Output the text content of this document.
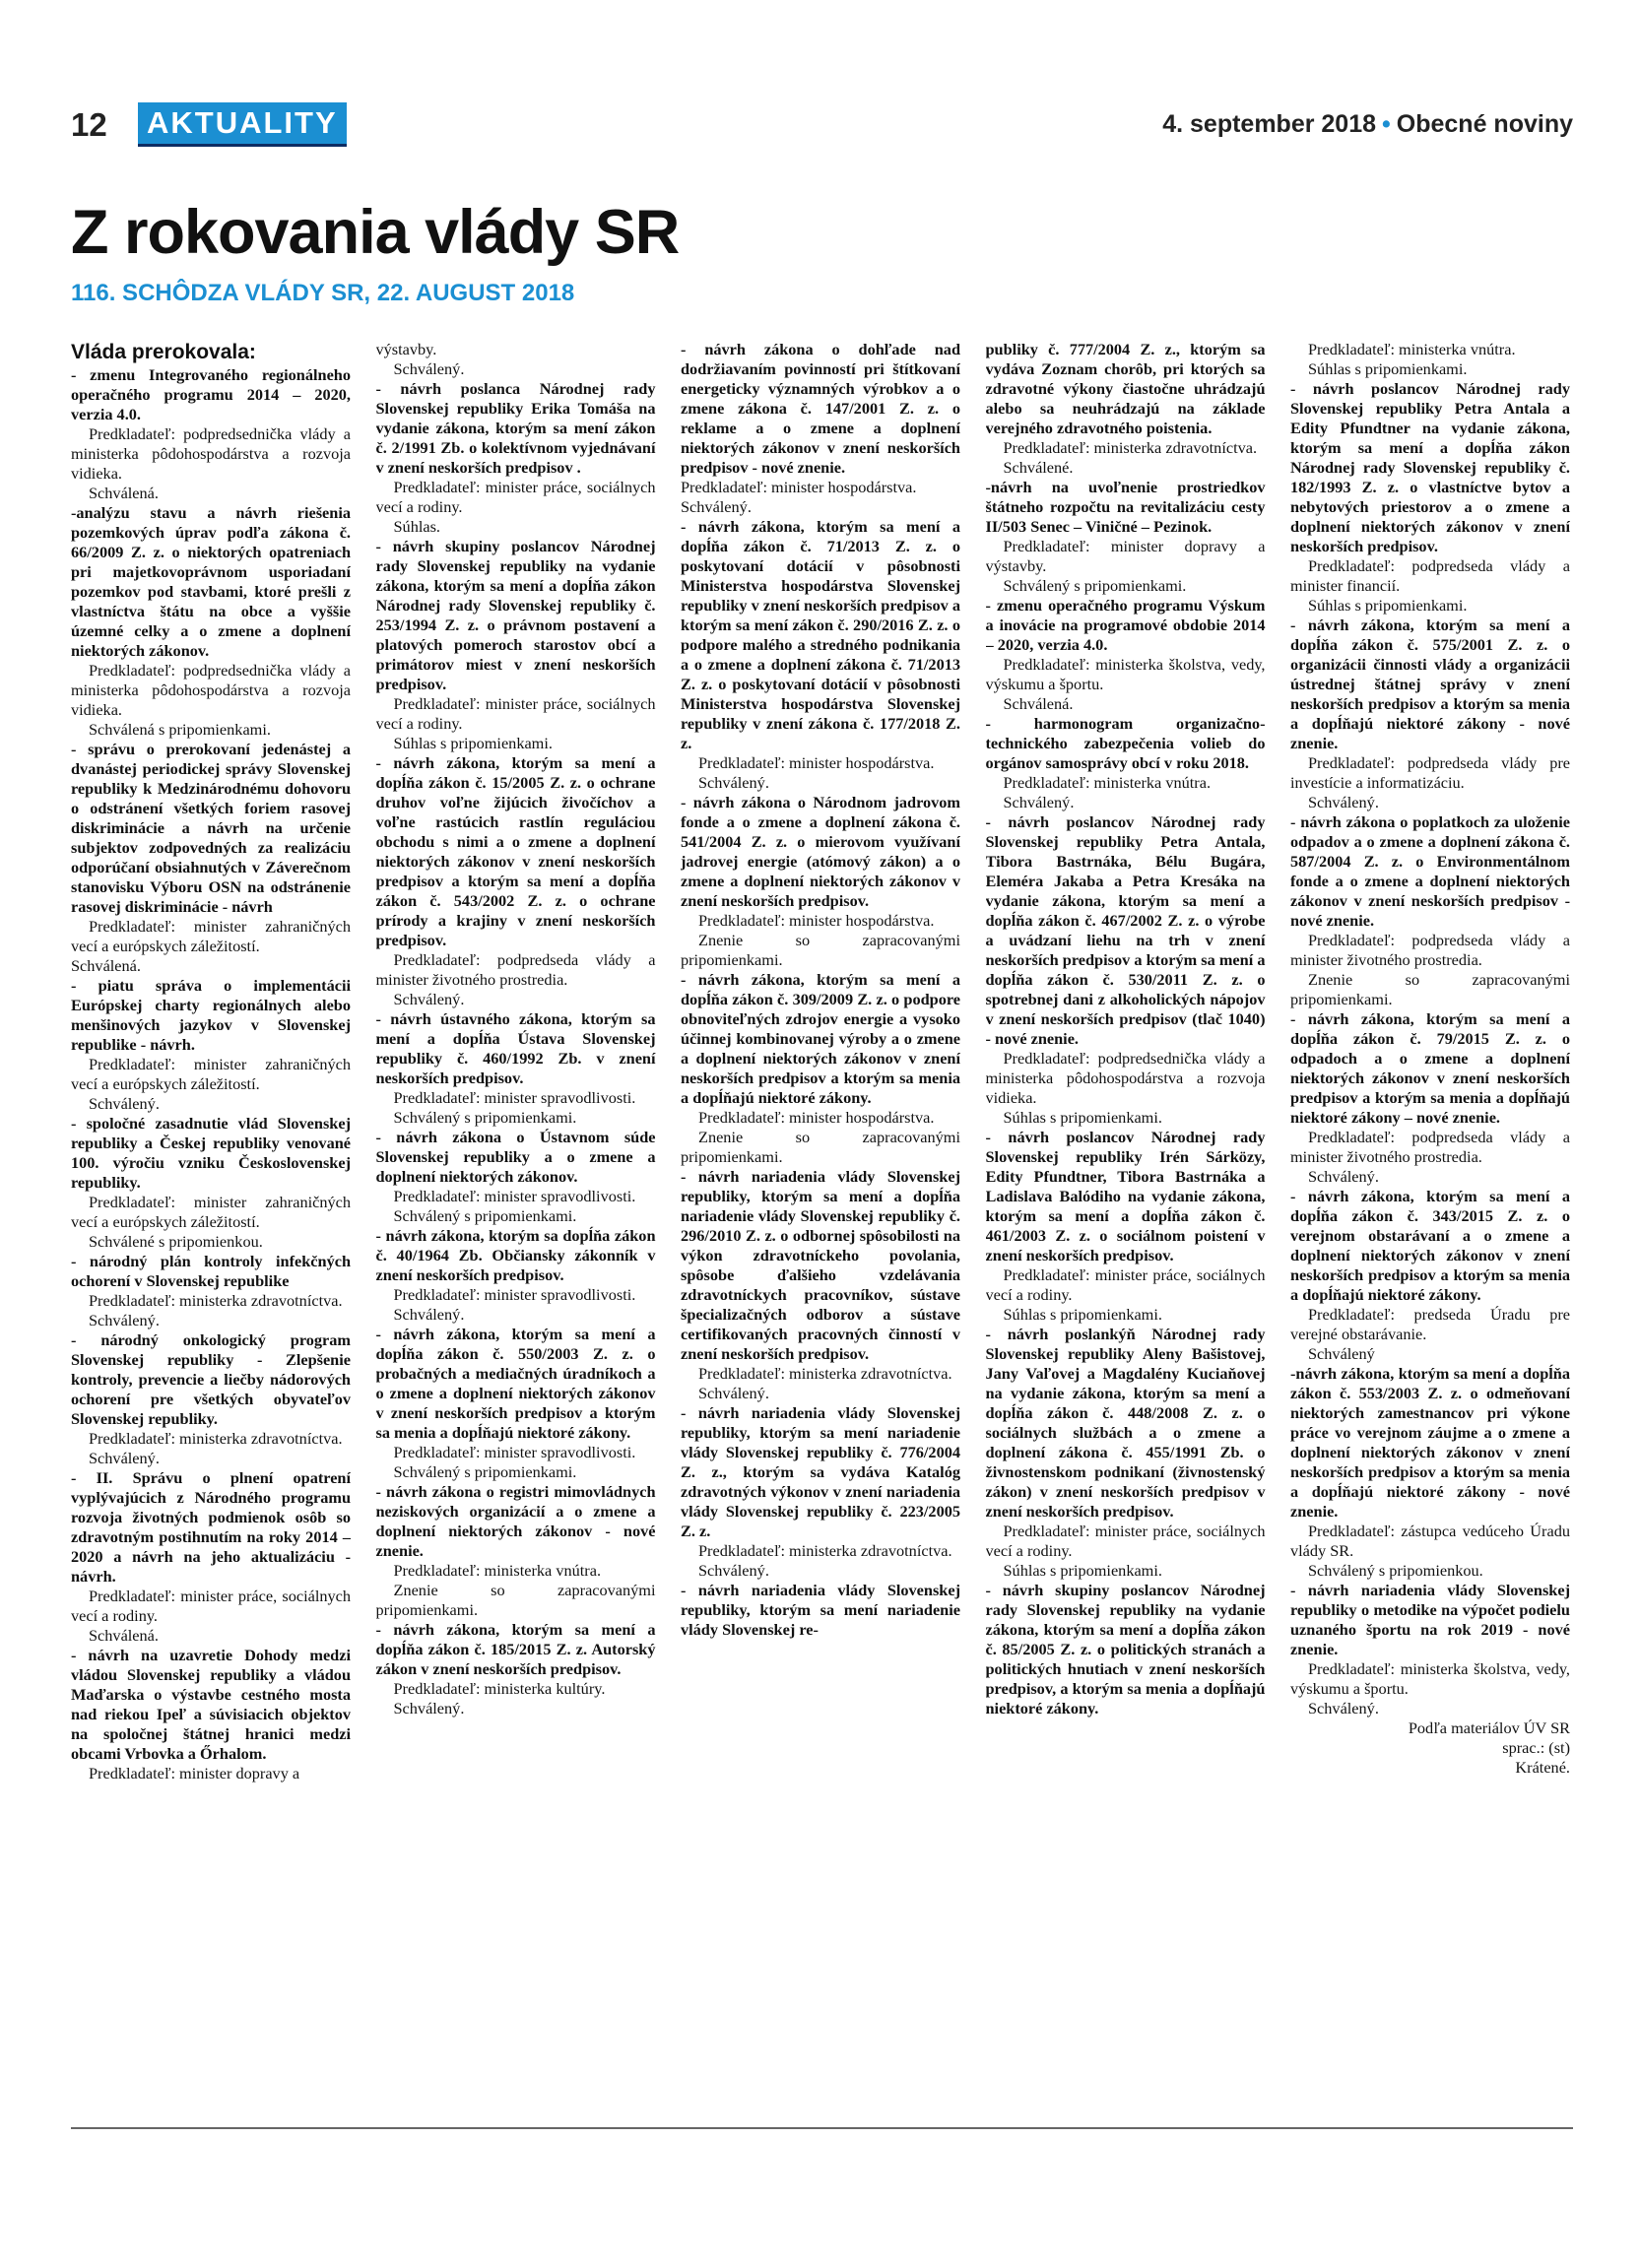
12 AKTUALITY	4. september 2018 • Obecné noviny
Z rokovania vlády SR
116. SCHÔDZA VLÁDY SR, 22. AUGUST 2018

Vláda prerokovala:

- zmenu Integrovaného regionálneho operačného programu 2014 – 2020, verzia 4.0.

Predkladateľ: podpredsednička vlády a ministerka pôdohospodárstva a rozvoja vidieka.

Schválená.

-analýzu stavu a návrh riešenia pozemkových úprav podľa zákona č. 66/2009 Z. z. o niektorých opatreniach pri majetkovoprávnom usporiadaní pozemkov pod stavbami, ktoré prešli z vlastníctva štátu na obce a vyššie územné celky a o zmene a doplnení niektorých zákonov.

Predkladateľ: podpredsednička vlády a ministerka pôdohospodárstva a rozvoja vidieka.

Schválená s pripomienkami.

- správu o prerokovaní jedenástej a dvanástej periodickej správy Slovenskej republiky k Medzinárodnému dohovoru o odstránení všetkých foriem rasovej diskriminácie a návrh na určenie subjektov zodpovedných za realizáciu odporúčaní obsiahnutých v Záverečnom stanovisku Výboru OSN na odstránenie rasovej diskriminácie - návrh

Predkladateľ: minister zahraničných vecí a európskych záležitostí.

Schválená.

- piatu správa o implementácii Európskej charty regionálnych alebo menšinových jazykov v Slovenskej republike - návrh.

Predkladateľ: minister zahraničných vecí a európskych záležitostí.

Schválený.

- spoločné zasadnutie vlád Slovenskej republiky a Českej republiky venované 100. výročiu vzniku Československej republiky.

Predkladateľ: minister zahraničných vecí a európskych záležitostí.

Schválené s pripomienkou.

- národný plán kontroly infekčných ochorení v Slovenskej republike

Predkladateľ: ministerka zdravotníctva.

Schválený.

- národný onkologický program Slovenskej republiky - Zlepšenie kontroly, prevencie a liečby nádorových ochorení pre všetkých obyvateľov Slovenskej republiky.

Predkladateľ: ministerka zdravotníctva.

Schválený.

- II. Správu o plnení opatrení vyplývajúcich z Národného programu rozvoja životných podmienok osôb so zdravotným postihnutím na roky 2014 – 2020 a návrh na jeho aktualizáciu - návrh.

Predkladateľ: minister práce, sociálnych vecí a rodiny.

Schválená.

- návrh na uzavretie Dohody medzi vládou Slovenskej republiky a vládou Maďarska o výstavbe cestného mosta nad riekou Ipeľ a súvisiacich objektov na spoločnej štátnej hranici medzi obcami Vrbovka a Őrhalom.

Predkladateľ: minister dopravy a

výstavby.

Schválený.

- návrh poslanca Národnej rady Slovenskej republiky Erika Tomáša na vydanie zákona, ktorým sa mení zákon č. 2/1991 Zb. o kolektívnom vyjednávaní v znení neskorších predpisov .

Predkladateľ: minister práce, sociálnych vecí a rodiny.

Súhlas.

- návrh skupiny poslancov Národnej rady Slovenskej republiky na vydanie zákona, ktorým sa mení a dopĺňa zákon Národnej rady Slovenskej republiky č. 253/1994 Z. z. o právnom postavení a platových pomeroch starostov obcí a primátorov miest v znení neskorších predpisov.

Predkladateľ: minister práce, sociálnych vecí a rodiny.

Súhlas s pripomienkami.

- návrh zákona, ktorým sa mení a dopĺňa zákon č. 15/2005 Z. z. o ochrane druhov voľne žijúcich živočíchov a voľne rastúcich rastlín reguláciou obchodu s nimi a o zmene a doplnení niektorých zákonov v znení neskorších predpisov a ktorým sa mení a dopĺňa zákon č. 543/2002 Z. z. o ochrane prírody a krajiny v znení neskorších predpisov.

Predkladateľ: podpredseda vlády a minister životného prostredia.

Schválený.

- návrh ústavného zákona, ktorým sa mení a dopĺňa Ústava Slovenskej republiky č. 460/1992 Zb. v znení neskorších predpisov.

Predkladateľ: minister spravodlivosti.

Schválený s pripomienkami.

- návrh zákona o Ústavnom súde Slovenskej republiky a o zmene a doplnení niektorých zákonov.

Predkladateľ: minister spravodlivosti.

Schválený s pripomienkami.

- návrh zákona, ktorým sa dopĺňa zákon č. 40/1964 Zb. Občiansky zákonník v znení neskorších predpisov.

Predkladateľ: minister spravodlivosti.

Schválený.

- návrh zákona, ktorým sa mení a dopĺňa zákon č. 550/2003 Z. z. o probačných a mediačných úradníkoch a o zmene a doplnení niektorých zákonov v znení neskorších predpisov a ktorým sa menia a dopĺňajú niektoré zákony.

Predkladateľ: minister spravodlivosti.

Schválený s pripomienkami.

- návrh zákona o registri mimovládnych neziskových organizácií a o zmene a doplnení niektorých zákonov - nové znenie.

Predkladateľ: ministerka vnútra.

Znenie so zapracovanými pripomienkami.

- návrh zákona, ktorým sa mení a dopĺňa zákon č. 185/2015 Z. z. Autorský zákon v znení neskorších predpisov.

Predkladateľ: ministerka kultúry.

Schválený.

- návrh zákona o dohľade nad dodržiavaním povinností pri štítkovaní energeticky významných výrobkov a o zmene zákona č. 147/2001 Z. z. o reklame a o zmene a doplnení niektorých zákonov v znení neskorších predpisov - nové znenie.

Predkladateľ: minister hospodárstva.

Schválený.

- návrh zákona, ktorým sa mení a dopĺňa zákon č. 71/2013 Z. z. o poskytovaní dotácií v pôsobnosti Ministerstva hospodárstva Slovenskej republiky v znení neskorších predpisov a ktorým sa mení zákon č. 290/2016 Z. z. o podpore malého a stredného podnikania a o zmene a doplnení zákona č. 71/2013 Z. z. o poskytovaní dotácií v pôsobnosti Ministerstva hospodárstva Slovenskej republiky v znení zákona č. 177/2018 Z. z.

Predkladateľ: minister hospodárstva.

Schválený.

- návrh zákona o Národnom jadrovom fonde a o zmene a doplnení zákona č. 541/2004 Z. z. o mierovom využívaní jadrovej energie (atómový zákon) a o zmene a doplnení niektorých zákonov v znení neskorších predpisov.

Predkladateľ: minister hospodárstva.

Znenie so zapracovanými pripomienkami.

- návrh zákona, ktorým sa mení a dopĺňa zákon č. 309/2009 Z. z. o podpore obnoviteľných zdrojov energie a vysoko účinnej kombinovanej výroby a o zmene a doplnení niektorých zákonov v znení neskorších predpisov a ktorým sa menia a dopĺňajú niektoré zákony.

Predkladateľ: minister hospodárstva.

Znenie so zapracovanými pripomienkami.

- návrh nariadenia vlády Slovenskej republiky, ktorým sa mení a dopĺňa nariadenie vlády Slovenskej republiky č. 296/2010 Z. z. o odbornej spôsobilosti na výkon zdravotníckeho povolania, spôsobe ďalšieho vzdelávania zdravotníckych pracovníkov, sústave špecializačných odborov a sústave certifikovaných pracovných činností v znení neskorších predpisov.

Predkladateľ: ministerka zdravotníctva.

Schválený.

- návrh nariadenia vlády Slovenskej republiky, ktorým sa mení nariadenie vlády Slovenskej republiky č. 776/2004 Z. z., ktorým sa vydáva Katalóg zdravotných výkonov v znení nariadenia vlády Slovenskej republiky č. 223/2005 Z. z.

Predkladateľ: ministerka zdravotníctva.

Schválený.

- návrh nariadenia vlády Slovenskej republiky, ktorým sa mení nariadenie vlády Slovenskej re-

publiky č. 777/2004 Z. z., ktorým sa vydáva Zoznam chorôb, pri ktorých sa zdravotné výkony čiastočne uhrádzajú alebo sa neuhrádzajú na základe verejného zdravotného poistenia.

Predkladateľ: ministerka zdravotníctva.

Schválené.

-návrh na uvoľnenie prostriedkov štátneho rozpočtu na revitalizáciu cesty II/503 Senec – Viničné – Pezinok.

Predkladateľ: minister dopravy a výstavby.

Schválený s pripomienkami.

- zmenu operačného programu Výskum a inovácie na programové obdobie 2014 – 2020, verzia 4.0.

Predkladateľ: ministerka školstva, vedy, výskumu a športu.

Schválená.

- harmonogram organizačno-technického zabezpečenia volieb do orgánov samosprávy obcí v roku 2018.

Predkladateľ: ministerka vnútra.

Schválený.

- návrh poslancov Národnej rady Slovenskej republiky Petra Antala, Tibora Bastrnáka, Bélu Bugára, Eleméra Jakaba a Petra Kresáka na vydanie zákona, ktorým sa mení a dopĺňa zákon č. 467/2002 Z. z. o výrobe a uvádzaní liehu na trh v znení neskorších predpisov a ktorým sa mení a dopĺňa zákon č. 530/2011 Z. z. o spotrebnej dani z alkoholických nápojov v znení neskorších predpisov (tlač 1040) - nové znenie.

Predkladateľ: podpredsednička vlády a ministerka pôdohospodárstva a rozvoja vidieka.

Súhlas s pripomienkami.

- návrh poslancov Národnej rady Slovenskej republiky Irén Sárközy, Edity Pfundtner, Tibora Bastrnáka a Ladislava Balódiho na vydanie zákona, ktorým sa mení a dopĺňa zákon č. 461/2003 Z. z. o sociálnom poistení v znení neskorších predpisov.

Predkladateľ: minister práce, sociálnych vecí a rodiny.

Súhlas s pripomienkami.

- návrh poslankýň Národnej rady Slovenskej republiky Aleny Bašistovej, Jany Vaľovej a Magdalény Kuciaňovej na vydanie zákona, ktorým sa mení a dopĺňa zákon č. 448/2008 Z. z. o sociálnych službách a o zmene a doplnení zákona č. 455/1991 Zb. o živnostenskom podnikaní (živnostenský zákon) v znení neskorších predpisov v znení neskorších predpisov.

Predkladateľ: minister práce, sociálnych vecí a rodiny.

Súhlas s pripomienkami.

- návrh skupiny poslancov Národnej rady Slovenskej republiky na vydanie zákona, ktorým sa mení a dopĺňa zákon č. 85/2005 Z. z. o politických stranách a politických hnutiach v znení neskorších predpisov, a ktorým sa menia a dopĺňajú niektoré zákony.

Predkladateľ: ministerka vnútra.

Súhlas s pripomienkami.

- návrh poslancov Národnej rady Slovenskej republiky Petra Antala a Edity Pfundtner na vydanie zákona, ktorým sa mení a dopĺňa zákon Národnej rady Slovenskej republiky č. 182/1993 Z. z. o vlastníctve bytov a nebytových priestorov a o zmene a doplnení niektorých zákonov v znení neskorších predpisov.

Predkladateľ: podpredseda vlády a minister financií.

Súhlas s pripomienkami.

- návrh zákona, ktorým sa mení a dopĺňa zákon č. 575/2001 Z. z. o organizácii činnosti vlády a organizácii ústrednej štátnej správy v znení neskorších predpisov a ktorým sa menia a dopĺňajú niektoré zákony - nové znenie.

Predkladateľ: podpredseda vlády pre investície a informatizáciu.

Schválený.

- návrh zákona o poplatkoch za uloženie odpadov a o zmene a doplnení zákona č. 587/2004 Z. z. o Environmentálnom fonde a o zmene a doplnení niektorých zákonov v znení neskorších predpisov - nové znenie.

Predkladateľ: podpredseda vlády a minister životného prostredia.

Znenie so zapracovanými pripomienkami.

- návrh zákona, ktorým sa mení a dopĺňa zákon č. 79/2015 Z. z. o odpadoch a o zmene a doplnení niektorých zákonov v znení neskorších predpisov a ktorým sa menia a dopĺňajú niektoré zákony – nové znenie.

Predkladateľ: podpredseda vlády a minister životného prostredia.

Schválený.

- návrh zákona, ktorým sa mení a dopĺňa zákon č. 343/2015 Z. z. o verejnom obstarávaní a o zmene a doplnení niektorých zákonov v znení neskorších predpisov a ktorým sa menia a dopĺňajú niektoré zákony.

Predkladateľ: predseda Úradu pre verejné obstarávanie.

Schválený

-návrh zákona, ktorým sa mení a dopĺňa zákon č. 553/2003 Z. z. o odmeňovaní niektorých zamestnancov pri výkone práce vo verejnom záujme a o zmene a doplnení niektorých zákonov v znení neskorších predpisov a ktorým sa menia a dopĺňajú niektoré zákony - nové znenie.

Predkladateľ: zástupca vedúceho Úradu vlády SR.

Schválený s pripomienkou.

- návrh nariadenia vlády Slovenskej republiky o metodike na výpočet podielu uznaného športu na rok 2019 - nové znenie.

Predkladateľ: ministerka školstva, vedy, výskumu a športu.

Schválený.

Podľa materiálov ÚV SR

sprac.: (st)

Krátené.
